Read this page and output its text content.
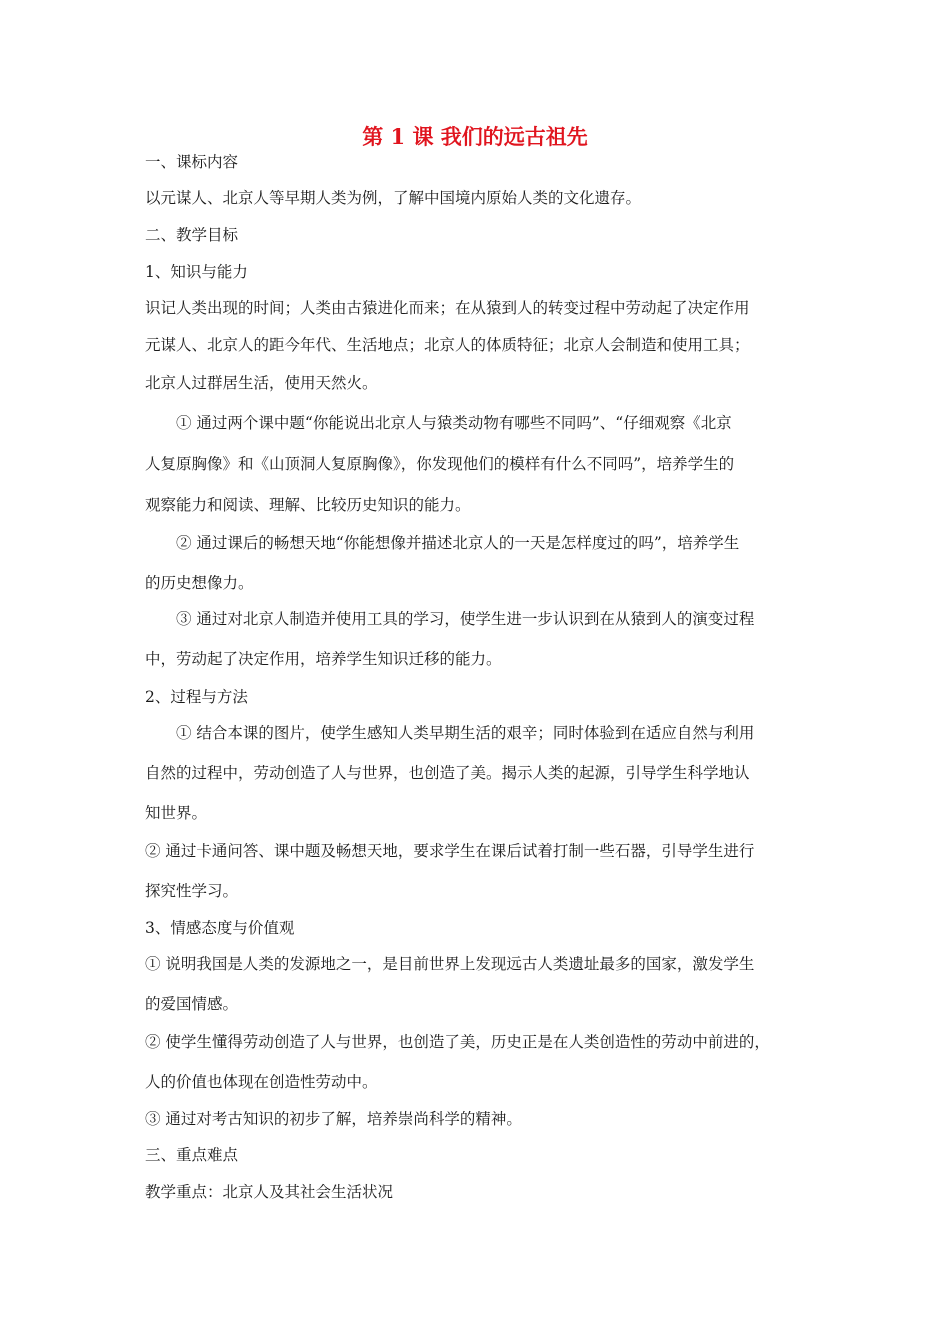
第 1 课 我们的远古祖先
一、课标内容
以元谋人、北京人等早期人类为例，了解中国境内原始人类的文化遗存。
二、教学目标
1、知识与能力
识记人类出现的时间；人类由古猿进化而来；在从猿到人的转变过程中劳动起了决定作用
元谋人、北京人的距今年代、生活地点；北京人的体质特征；北京人会制造和使用工具；
北京人过群居生活，使用天然火。
① 通过两个课中题“你能说出北京人与猿类动物有哪些不同吗”、“仔细观察《北京
人复原胸像》和《山顶洞人复原胸像》，你发现他们的模样有什么不同吗”，培养学生的
观察能力和阅读、理解、比较历史知识的能力。
② 通过课后的畅想天地“你能想像并描述北京人的一天是怎样度过的吗”，培养学生
的历史想像力。
③ 通过对北京人制造并使用工具的学习，使学生进一步认识到在从猿到人的演变过程
中，劳动起了决定作用，培养学生知识迁移的能力。
2、过程与方法
① 结合本课的图片，使学生感知人类早期生活的艰辛；同时体验到在适应自然与利用
自然的过程中，劳动创造了人与世界，也创造了美。揭示人类的起源，引导学生科学地认
知世界。
② 通过卡通问答、课中题及畅想天地，要求学生在课后试着打制一些石器，引导学生进行
探究性学习。
3、情感态度与价值观
① 说明我国是人类的发源地之一，是目前世界上发现远古人类遗址最多的国家，激发学生
的爱国情感。
② 使学生懂得劳动创造了人与世界，也创造了美，历史正是在人类创造性的劳动中前进的，
人的价值也体现在创造性劳动中。
③ 通过对考古知识的初步了解，培养崇尚科学的精神。
三、重点难点
教学重点：北京人及其社会生活状况
